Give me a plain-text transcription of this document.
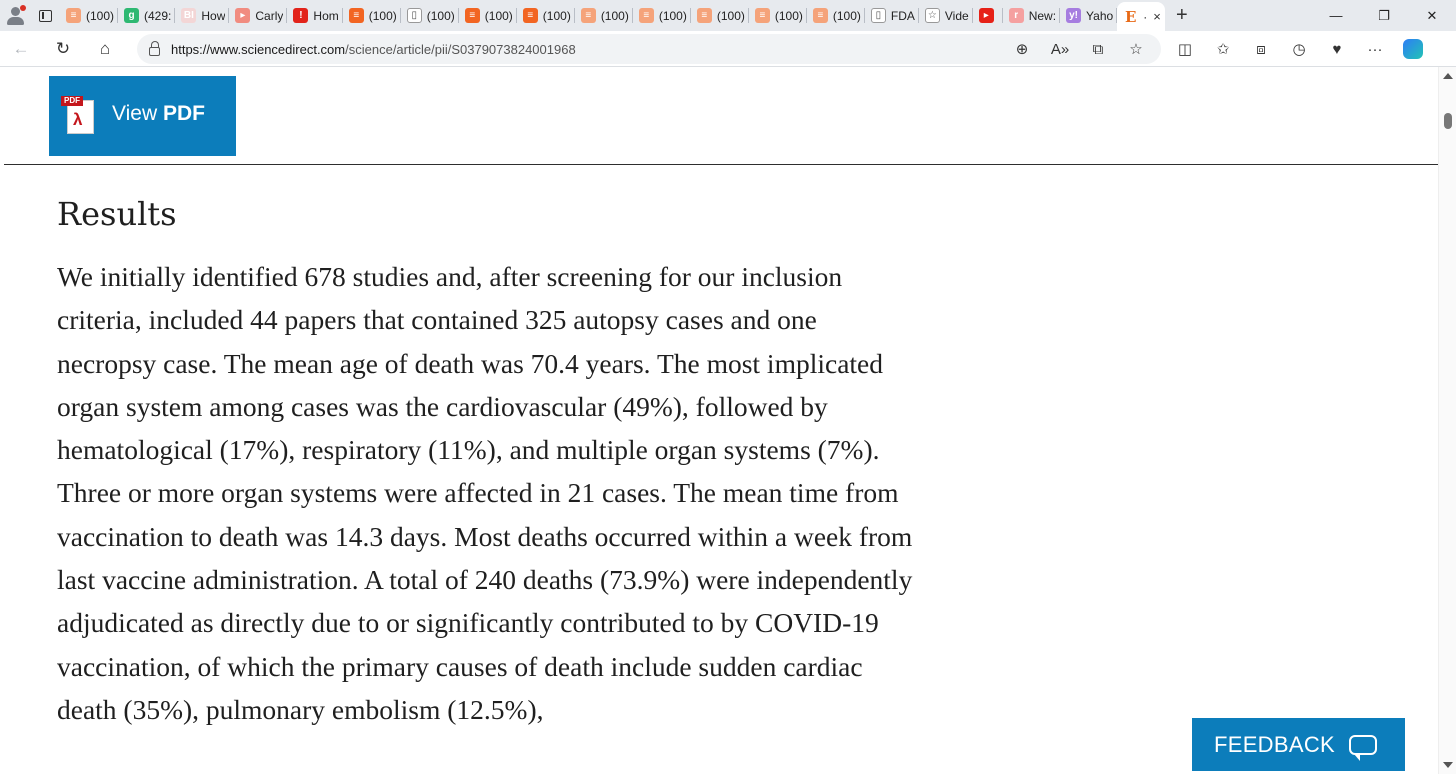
≡ (100)	g (429: BI How	▸ Carly	! Hom	≡ (100)	▯ (100)	≡ (100)	≡ (100)	≡ (100)	≡ (100)	≡ (100)	≡ (100)	≡ (100)	▯ FDA	☆ Vide	▸	r New:	y! Yaho E · × +	—	❐	✕
←	↻	⌂	https://www.sciencedirect.com/science/article/pii/S0379073824001968	⊕	A»	⧉	☆	◫	✩	⧈	◷	♥	···
PDF
λ View PDF
Results

We initially identified 678 studies and, after screening for our inclusion criteria, included 44 papers that contained 325 autopsy cases and one necropsy case. The mean age of death was 70.4 years. The most implicated organ system among cases was the cardiovascular (49%), followed by hematological (17%), respiratory (11%), and multiple organ systems (7%). Three or more organ systems were affected in 21 cases. The mean time from vaccination to death was 14.3 days. Most deaths occurred within a week from last vaccine administration. A total of 240 deaths (73.9%) were independently adjudicated as directly due to or significantly contributed to by COVID-19 vaccination, of which the primary causes of death include sudden cardiac death (35%), pulmonary embolism (12.5%),

FEEDBACK
